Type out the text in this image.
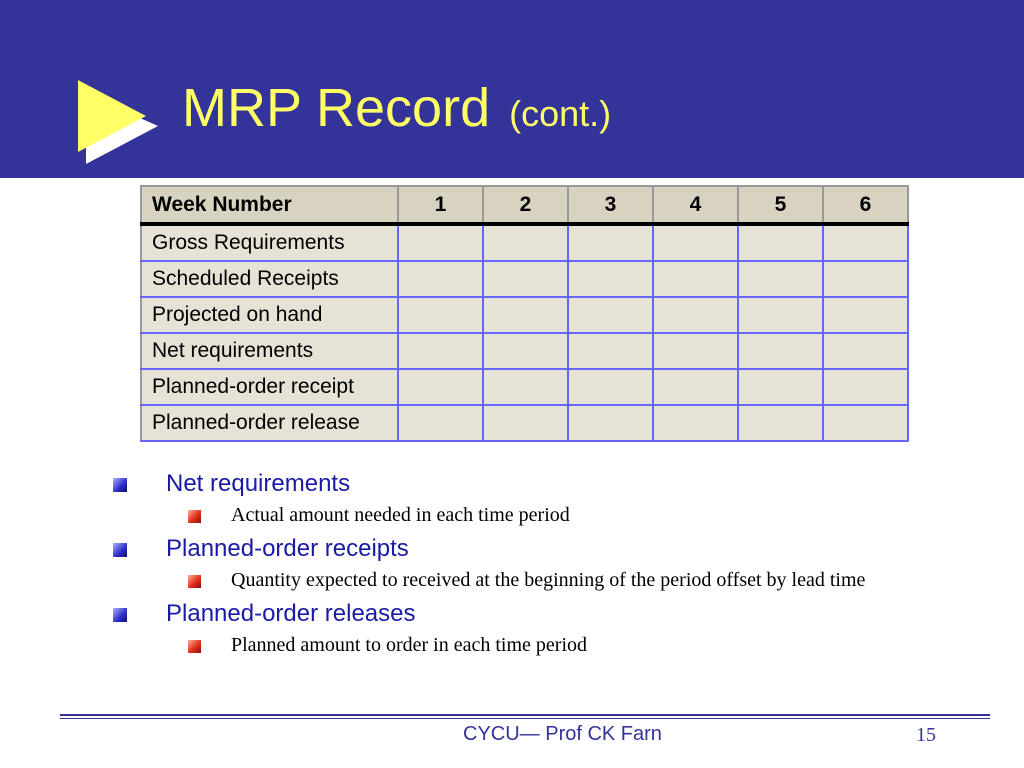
MRP Record (cont.)
Week Number	1	2	3	4	5	6
Gross Requirements						
Scheduled Receipts						
Projected on hand						
Net requirements						
Planned-order receipt						
Planned-order release						

Net requirements

Actual amount needed in each time period

Planned-order receipts

Quantity expected to received at the beginning of the period offset by lead time

Planned-order releases

Planned amount to order in each time period

CYCU— Prof CK Farn	15
